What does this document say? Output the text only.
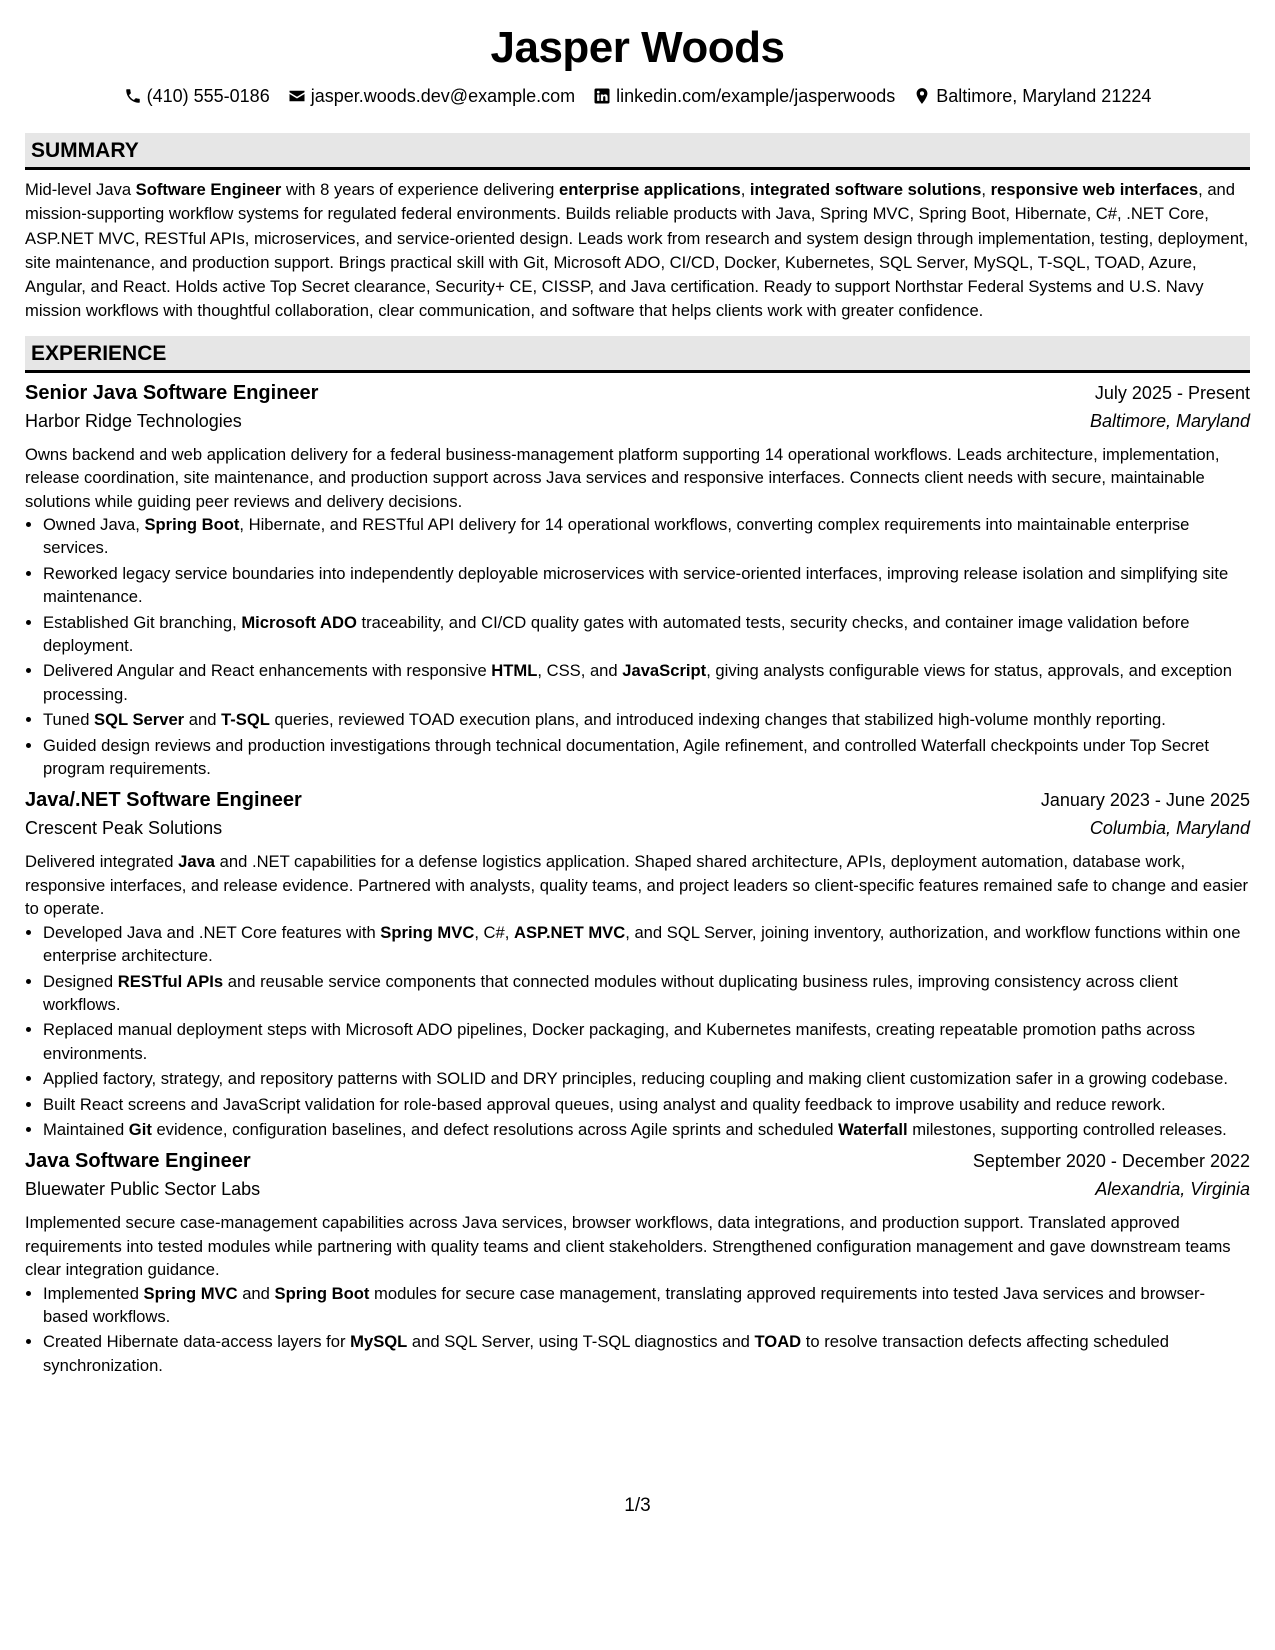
Jasper Woods
(410) 555-0186 jasper.woods.dev@example.com linkedin.com/example/jasperwoods Baltimore, Maryland 21224
SUMMARY
Mid-level Java Software Engineer with 8 years of experience delivering enterprise applications, integrated software solutions, responsive web interfaces, and mission-supporting workflow systems for regulated federal environments. Builds reliable products with Java, Spring MVC, Spring Boot, Hibernate, C#, .NET Core, ASP.NET MVC, RESTful APIs, microservices, and service-oriented design. Leads work from research and system design through implementation, testing, deployment, site maintenance, and production support. Brings practical skill with Git, Microsoft ADO, CI/CD, Docker, Kubernetes, SQL Server, MySQL, T-SQL, TOAD, Azure, Angular, and React. Holds active Top Secret clearance, Security+ CE, CISSP, and Java certification. Ready to support Northstar Federal Systems and U.S. Navy mission workflows with thoughtful collaboration, clear communication, and software that helps clients work with greater confidence.
EXPERIENCE
Senior Java Software Engineer	July 2025 - Present
Harbor Ridge Technologies	Baltimore, Maryland
Owns backend and web application delivery for a federal business-management platform supporting 14 operational workflows. Leads architecture, implementation, release coordination, site maintenance, and production support across Java services and responsive interfaces. Connects client needs with secure, maintainable solutions while guiding peer reviews and delivery decisions.
• Owned Java, Spring Boot, Hibernate, and RESTful API delivery for 14 operational workflows, converting complex requirements into maintainable enterprise services.
• Reworked legacy service boundaries into independently deployable microservices with service-oriented interfaces, improving release isolation and simplifying site maintenance.
• Established Git branching, Microsoft ADO traceability, and CI/CD quality gates with automated tests, security checks, and container image validation before deployment.
• Delivered Angular and React enhancements with responsive HTML, CSS, and JavaScript, giving analysts configurable views for status, approvals, and exception processing.
• Tuned SQL Server and T-SQL queries, reviewed TOAD execution plans, and introduced indexing changes that stabilized high-volume monthly reporting.
• Guided design reviews and production investigations through technical documentation, Agile refinement, and controlled Waterfall checkpoints under Top Secret program requirements.
Java/.NET Software Engineer	January 2023 - June 2025
Crescent Peak Solutions	Columbia, Maryland
Delivered integrated Java and .NET capabilities for a defense logistics application. Shaped shared architecture, APIs, deployment automation, database work, responsive interfaces, and release evidence. Partnered with analysts, quality teams, and project leaders so client-specific features remained safe to change and easier to operate.
• Developed Java and .NET Core features with Spring MVC, C#, ASP.NET MVC, and SQL Server, joining inventory, authorization, and workflow functions within one enterprise architecture.
• Designed RESTful APIs and reusable service components that connected modules without duplicating business rules, improving consistency across client workflows.
• Replaced manual deployment steps with Microsoft ADO pipelines, Docker packaging, and Kubernetes manifests, creating repeatable promotion paths across environments.
• Applied factory, strategy, and repository patterns with SOLID and DRY principles, reducing coupling and making client customization safer in a growing codebase.
• Built React screens and JavaScript validation for role-based approval queues, using analyst and quality feedback to improve usability and reduce rework.
• Maintained Git evidence, configuration baselines, and defect resolutions across Agile sprints and scheduled Waterfall milestones, supporting controlled releases.
Java Software Engineer	September 2020 - December 2022
Bluewater Public Sector Labs	Alexandria, Virginia
Implemented secure case-management capabilities across Java services, browser workflows, data integrations, and production support. Translated approved requirements into tested modules while partnering with quality teams and client stakeholders. Strengthened configuration management and gave downstream teams clear integration guidance.
• Implemented Spring MVC and Spring Boot modules for secure case management, translating approved requirements into tested Java services and browser-based workflows.
• Created Hibernate data-access layers for MySQL and SQL Server, using T-SQL diagnostics and TOAD to resolve transaction defects affecting scheduled synchronization.
1/3
